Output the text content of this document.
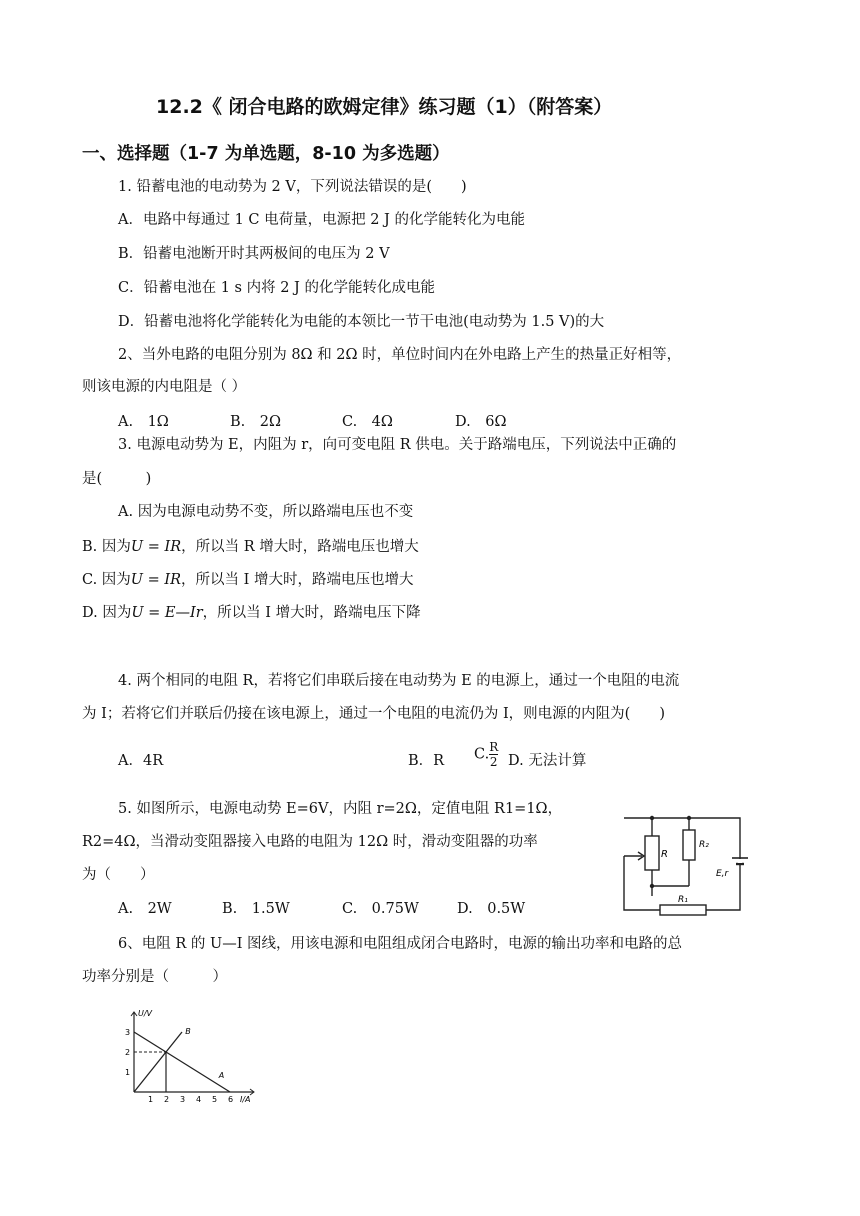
12.2《 闭合电路的欧姆定律》练习题（1）（附答案）
一、选择题（1-7 为单选题，8-10 为多选题）
1. 铅蓄电池的电动势为 2 V，下列说法错误的是(　　)
A．电路中每通过 1 C 电荷量，电源把 2 J 的化学能转化为电能
B．铅蓄电池断开时其两极间的电压为 2 V
C．铅蓄电池在 1 s 内将 2 J 的化学能转化成电能
D．铅蓄电池将化学能转化为电能的本领比一节干电池(电动势为 1.5 V)的大
2、当外电路的电阻分别为 8Ω 和 2Ω 时，单位时间内在外电路上产生的热量正好相等，
则该电源的内电阻是（ ）
A.　1Ω	B.　2Ω	C.　4Ω	D.　6Ω
3. 电源电动势为 E，内阻为 r，向可变电阻 R 供电。关于路端电压，下列说法中正确的
是(　　　)
A. 因为电源电动势不变，所以路端电压也不变
B. 因为U = IR，所以当 R 增大时，路端电压也增大
C. 因为U = IR，所以当 I 增大时，路端电压也增大
D. 因为U = E—Ir，所以当 I 增大时，路端电压下降
4. 两个相同的电阻 R，若将它们串联后接在电动势为 E 的电源上，通过一个电阻的电流
为 I；若将它们并联后仍接在该电源上，通过一个电阻的电流仍为 I，则电源的内阻为(　　)
A．4R	B．R C. $\frac{R}{2} D$. 无法计算
5. 如图所示，电源电动势 E=6V，内阻 r=2Ω，定值电阻 R1=1Ω，
R2=4Ω，当滑动变阻器接入电路的电阻为 12Ω 时，滑动变阻器的功率
为（　　）
A.　2W	B.　1.5W	C.　0.75W	D.　0.5W
R
R₂
R₁
E,r
6、电阻 R 的 U—I 图线，用该电源和电阻组成闭合电路时，电源的输出功率和电路的总
功率分别是（　　　）
1
2
3
1 2 3 4 5 6
A
B
U/V
I/A
